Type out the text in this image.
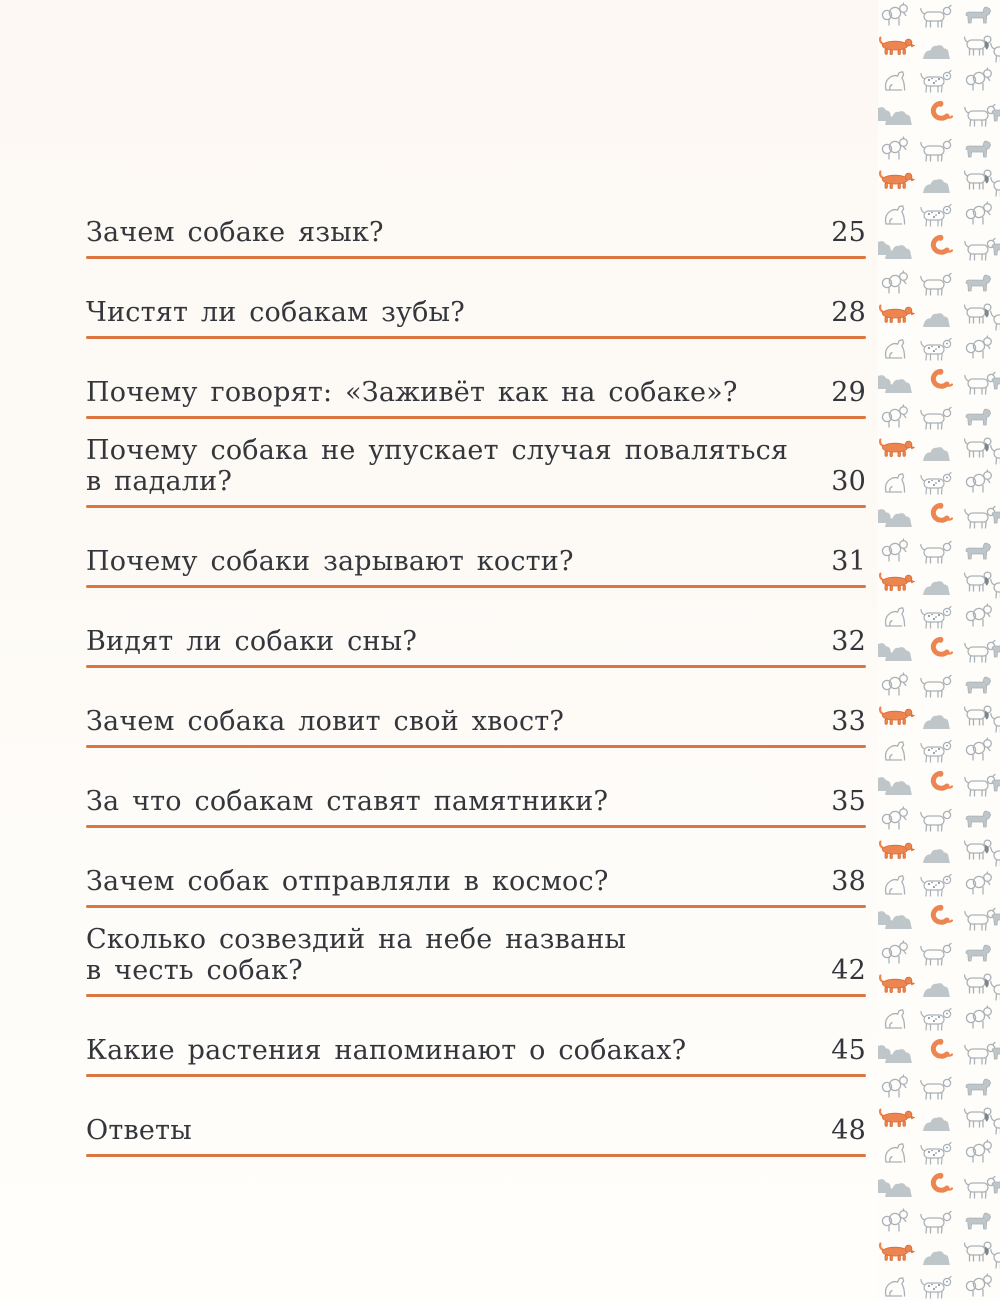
Зачем собаке язык?	25
Чистят ли собакам зубы?	28
Почему говорят: «Заживёт как на собаке»?	29
Почему собака не упускает случая поваляться
в падали?	30
Почему собаки зарывают кости?	31
Видят ли собаки сны?	32
Зачем собака ловит свой хвост?	33
За что собакам ставят памятники?	35
Зачем собак отправляли в космос?	38
Сколько созвездий на небе названы
в честь собак?	42
Какие растения напоминают о собаках?	45
Ответы	48
